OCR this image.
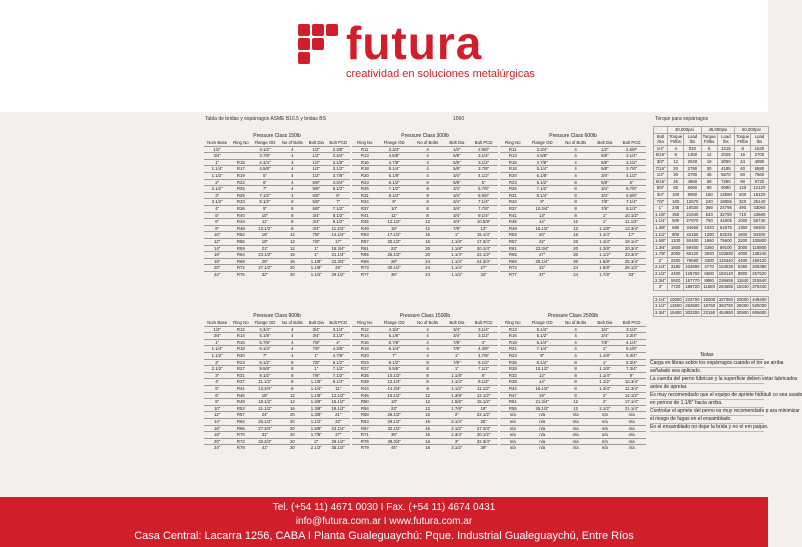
futura
creatividad en soluciones metalúrgicas
Tabla de bridas y espárragos ASME B16.5 y bridas BS	1560	Torque para espárragos
Pressure Class 150lb
Nom Base	Ring No	Flange OD	No of Bolts	Bolt Dia	Bolt PCD
1/2"		3.1/2"	4	1/2"	2.3/8"
3/4"		3.7/8"	4	1/2"	2.3/4"
1"	R15	4.1/4"	4	1/2"	3.1/8"
1.1/4"	R17	4.5/8"	4	1/2"	3.1/2"
1.1/2"	R19	5"	4	1/2"	3.7/8"
2"	R22	6"	4	5/8"	4.3/4"
2.1/2"	R25	7"	4	5/8"	5.1/2"
3"	R29	7.1/2"	4	5/8"	6"
3.1/2"	R33	8.1/2"	8	5/8"	7"
4"	R36	9"	8	5/8"	7.1/2"
5"	R40	10"	8	3/4"	8.1/2"
6"	R43	11"	8	3/4"	9.1/2"
8"	R48	13.1/2"	8	3/4"	11.3/4"
10"	R52	16"	12	7/8"	14.1/4"
12"	R56	19"	12	7/8"	17"
14"	R59	21"	12	1"	18.3/4"
16"	R64	23.1/2"	16	1"	21.1/4"
18"	R68	25"	16	1.1/8"	22.3/4"
20"	R72	27.1/2"	20	1.1/8"	25"
24"	R76	32"	20	1.1/4"	29.1/2"
Pressure Class 300lb
Ring No	Flange OD	No of Bolts	Bolt Dia	Bolt PCD
R11	3.3/4"	4	1/2"	2.5/8"
R13	4.5/8"	4	5/8"	3.1/4"
R16	4.7/8"	4	5/8"	3.1/2"
R18	5.1/4"	4	5/8"	3.7/8"
R20	6.1/8"	4	3/4"	4.1/2"
R23	6.1/2"	8	5/8"	5"
R26	7.1/2"	8	3/4"	5.7/8"
R31	8.1/4"	8	3/4"	6.5/8"
R34	9"	8	3/4"	7.1/4"
R37	10"	8	3/4"	7.7/8"
R41	11"	8	3/4"	9.1/4"
R45	12.1/2"	12	3/4"	10.5/8"
R49	15"	12	7/8"	13"
R53	17.1/2"	16	1"	15.1/4"
R57	20.1/2"	16	1.1/8"	17.3/4"
R61	23"	20	1.1/8"	20.1/4"
R65	25.1/2"	20	1.1/4"	22.1/2"
R69	28"	24	1.1/4"	24.3/4"
R73	30.1/2"	24	1.1/4"	27"
R77	36"	24	1.1/2"	32"
Pressure Class 600lb
Ring No	Flange OD	No of Bolts	Bolt Dia	Bolt PCD
R11	3.3/4"	4	1/2"	2.5/8"
R13	4.5/8"	4	5/8"	3.1/4"
R16	4.7/8"	4	5/8"	3.1/2"
R18	5.1/4"	4	5/8"	3.7/8"
R20	6.1/8"	4	3/4"	4.1/2"
R23	6.1/2"	8	5/8"	5"
R26	7.1/2"	8	3/4"	5.7/8"
R31	8.1/4"	8	3/4"	6.5/8"
R34	9"	8	7/8"	7.1/4"
R37	10.3/4"	8	7/8"	8.1/2"
R41	13"	8	1"	10.1/2"
R45	14"	12	1"	11.1/2"
R49	16.1/2"	12	1.1/8"	13.3/4"
R53	20"	16	1.1/4"	17"
R57	22"	20	1.1/4"	19.1/4"
R61	23.3/4"	20	1.3/8"	20.3/4"
R65	27"	20	1.1/2"	23.3/4"
R69	29.1/4"	20	1.5/8"	25.3/4"
R73	32"	24	1.5/8"	28.1/2"
R77	37"	24	1.7/8"	33"
Pressure Class 900lb
Nom Base	Ring No	Flange OD	No of Bolts	Bolt Dia	Bolt PCD
1/2"	R12	4.3/4"	4	3/4"	3.1/4"
3/4"	R14	5.1/8"	4	3/4"	3.1/2"
1"	R16	5.7/8"	4	7/8"	4"
1.1/4"	R18	6.1/4"	4	7/8"	4.3/8"
1.1/2"	R20	7"	4	1"	4.7/8"
2"	R24	8.1/2"	8	7/8"	6.1/2"
2.1/2"	R27	9.5/8"	8	1"	7.1/2"
3"	R31	9.1/2"	8	7/8"	7.1/2"
4"	R37	11.1/2"	8	1.1/8"	9.1/4"
5"	R41	13.3/4"	8	1.1/4"	11"
6"	R45	15"	12	1.1/8"	12.1/2"
8"	R49	18.1/2"	12	1.3/8"	15.1/2"
10"	R53	21.1/2"	16	1.3/8"	18.1/2"
12"	R57	24"	20	1.3/8"	21"
14"	R62	25.1/4"	20	1.1/2"	22"
16"	R66	27.3/4"	20	1.5/8"	24.1/4"
18"	R70	31"	20	1.7/8"	27"
20"	R74	33.3/4"	20	2"	29.1/2"
24"	R78	41"	20	2.1/2"	35.1/2"
Pressure Class 1500lb
Ring No	Flange OD	No of Bolts	Bolt Dia	Bolt PCD
R12	4.3/4"	4	3/4"	3.1/4"
R14	5.1/8"	4	3/4"	3.1/2"
R16	5.7/8"	4	7/8"	4"
R18	6.1/4"	4	7/8"	4.3/8"
R20	7"	4	1"	4.7/8"
R24	8.1/2"	8	7/8"	6.1/2"
R27	9.5/8"	8	1"	7.1/2"
R35	10.1/2"	8	1.1/8"	8"
R39	12.1/4"	8	1.1/4"	9.1/2"
R44	14.3/4"	8	1.1/2"	11.1/2"
R46	15.1/2"	12	1.3/8"	12.1/2"
R50	19"	12	1.5/8"	15.1/2"
R54	23"	12	1.7/8"	19"
R58	26.1/2"	16	2"	22.1/2"
R63	29.1/2"	16	2.1/4"	25"
R67	32.1/2"	16	2.1/2"	27.3/4"
R71	36"	16	2.3/4"	30.1/2"
R75	38.3/4"	16	3"	32.3/4"
R79	46"	16	3.1/2"	39"
Pressure Class 2500lb
Ring No	Flange OD	No of Bolts	Bolt Dia	Bolt PCD
R13	5.1/4"	4	3/4"	3.1/2"
R16	5.1/2"	4	3/4"	3.3/4"
R18	6.1/4"	4	7/8"	4.1/4"
R21	7.1/4"	4	1"	5.1/8"
R23	8"	4	1.1/8"	5.3/4"
R26	9.1/4"	8	1"	6.3/4"
R28	10.1/2"	8	1.1/8"	7.3/4"
R32	12"	8	1.1/4"	9"
R38	14"	8	1.1/2"	10.3/4"
R42	16.1/2"	8	1.3/4"	12.3/4"
R47	19"	8	2"	14.1/2"
R51	21.3/4"	12	2"	17.1/4"
R55	26.1/2"	12	2.1/2"	21.1/4"
n/a	n/a	n/a	n/a	n/a
n/a	n/a	n/a	n/a	n/a
n/a	n/a	n/a	n/a	n/a
n/a	n/a	n/a	n/a	n/a
n/a	n/a	n/a	n/a	n/a
n/a	n/a	n/a	n/a	n/a
	30,000psi		45,000psi		60,000psi	
Bolt Dia	Torque Ft/lbs	Load lbs	Torque Ft/lbs	Load lbs	Torque Ft/lbs	Load lbs
1/4"	4	810	6	1215	8	1620
5/16"	8	1350	12	2025	16	2700
3/8"	12	2040	18	3060	24	4080
7/16"	20	2790	30	4185	40	5580
1/2"	30	3780	45	5670	60	7560
9/16"	45	4860	68	7290	90	9720
5/8"	60	6060	90	9090	120	12120
3/4"	100	9060	150	13590	200	18120
7/8"	160	12570	240	18855	320	25140
1"	245	16530	368	24795	490	33060
1.1/8"	355	21840	533	32760	710	43680
1.1/4"	500	27870	750	41805	1000	55740
1.3/8"	680	34650	1020	51975	1360	69300
1.1/2"	800	42150	1200	63225	1600	84300
1.5/8"	1100	50400	1650	75600	2200	100800
1.3/4"	1500	59400	2250	89100	3000	118800
1.7/8"	2000	69120	3000	103680	4000	138240
2"	2200	79560	3300	119340	4400	159120
2.1/4"	3180	102690	4770	154035	6360	205380
2.1/2"	4400	128760	6600	193140	8800	257520
2.3/4"	5920	157770	8880	236655	11840	315540
3"	7720	189720	11580	284580	15440	379440

3.1/4"	10000	224700	15000	337050	20000	449400
3.1/2"	12500	262500	18750	393750	25000	525000
3.3/4"	15400	303300	23150	454950	30900	606600
Notas

Carga en libras sobre los espárragos cuando el tor ue arriba

señalado sea aplicado.

La cuerda del perno lubrican y la superficie deben estar lubricados

antes de apretar.

Es muy recomendado que el equipo de apriete hidráuli co sea usado

en pernos de 1.1/8" hacia arriba.

Controlar el apriete del perno es muy recomendado p ara minimizar

el riesgo de fugas en el ensamblado.

En el ensamblado no dejar la brida y no el em paque.

Tel. (+54 11) 4671 0030 I Fax. (+54 11) 4674 0431
info@futura.com.ar I www.futura.com.ar
Casa Central: Lacarra 1256, CABA I Planta Gualeguaychú: Pque. Industrial Gualeguaychú, Entre Ríos
